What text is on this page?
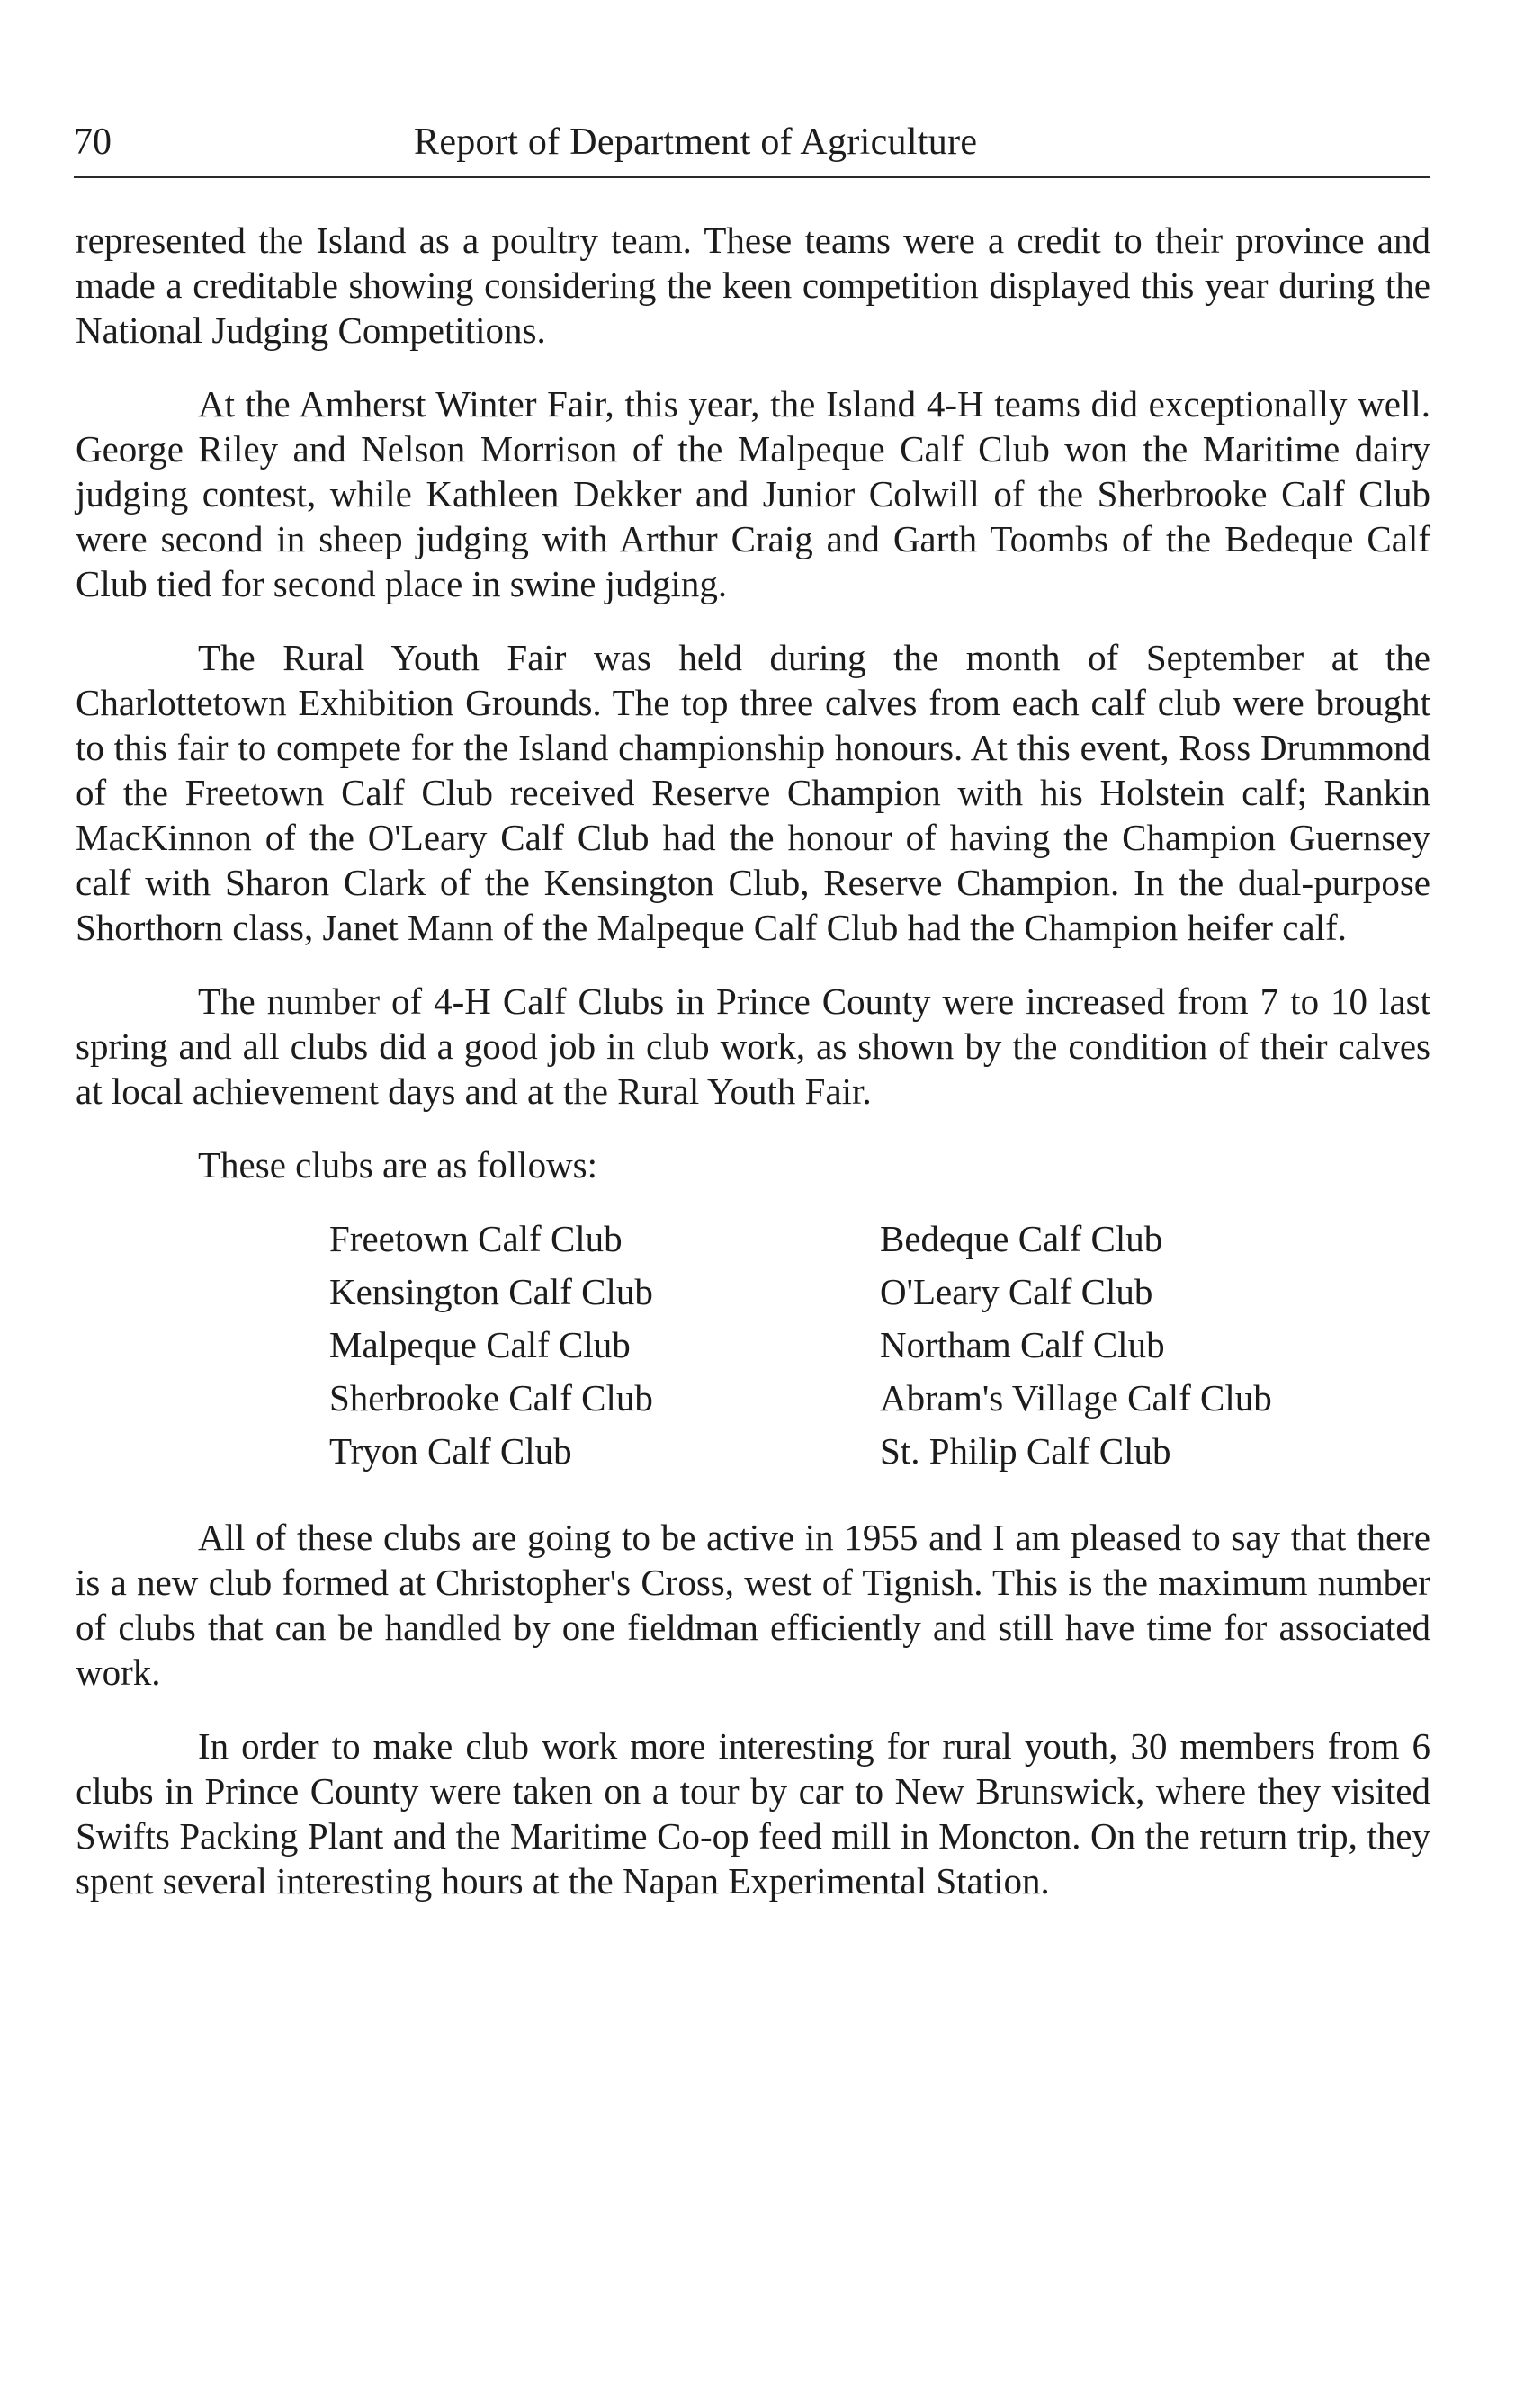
70	Report of Department of Agriculture

represented the Island as a poultry team. These teams were a credit to their province and made a creditable showing considering the keen competition displayed this year during the National Judging Competitions.

At the Amherst Winter Fair, this year, the Island 4-H teams did exceptionally well. George Riley and Nelson Morrison of the Malpeque Calf Club won the Maritime dairy judging contest, while Kathleen Dekker and Junior Colwill of the Sherbrooke Calf Club were second in sheep judging with Arthur Craig and Garth Toombs of the Bedeque Calf Club tied for second place in swine judging.

The Rural Youth Fair was held during the month of September at the Charlottetown Exhibition Grounds. The top three calves from each calf club were brought to this fair to compete for the Island championship honours. At this event, Ross Drummond of the Freetown Calf Club received Reserve Champion with his Holstein calf; Rankin MacKinnon of the O'Leary Calf Club had the honour of having the Champion Guernsey calf with Sharon Clark of the Kensington Club, Reserve Champion. In the dual-purpose Shorthorn class, Janet Mann of the Malpeque Calf Club had the Champion heifer calf.

The number of 4-H Calf Clubs in Prince County were increased from 7 to 10 last spring and all clubs did a good job in club work, as shown by the condition of their calves at local achievement days and at the Rural Youth Fair.

These clubs are as follows:
Freetown Calf Club
Kensington Calf Club
Malpeque Calf Club
Sherbrooke Calf Club
Tryon Calf Club
Bedeque Calf Club
O'Leary Calf Club
Northam Calf Club
Abram's Village Calf Club
St. Philip Calf Club

All of these clubs are going to be active in 1955 and I am pleased to say that there is a new club formed at Christopher's Cross, west of Tignish. This is the maximum number of clubs that can be handled by one fieldman efficiently and still have time for associated work.

In order to make club work more interesting for rural youth, 30 members from 6 clubs in Prince County were taken on a tour by car to New Brunswick, where they visited Swifts Packing Plant and the Maritime Co-op feed mill in Moncton. On the return trip, they spent several interesting hours at the Napan Experimental Station.
